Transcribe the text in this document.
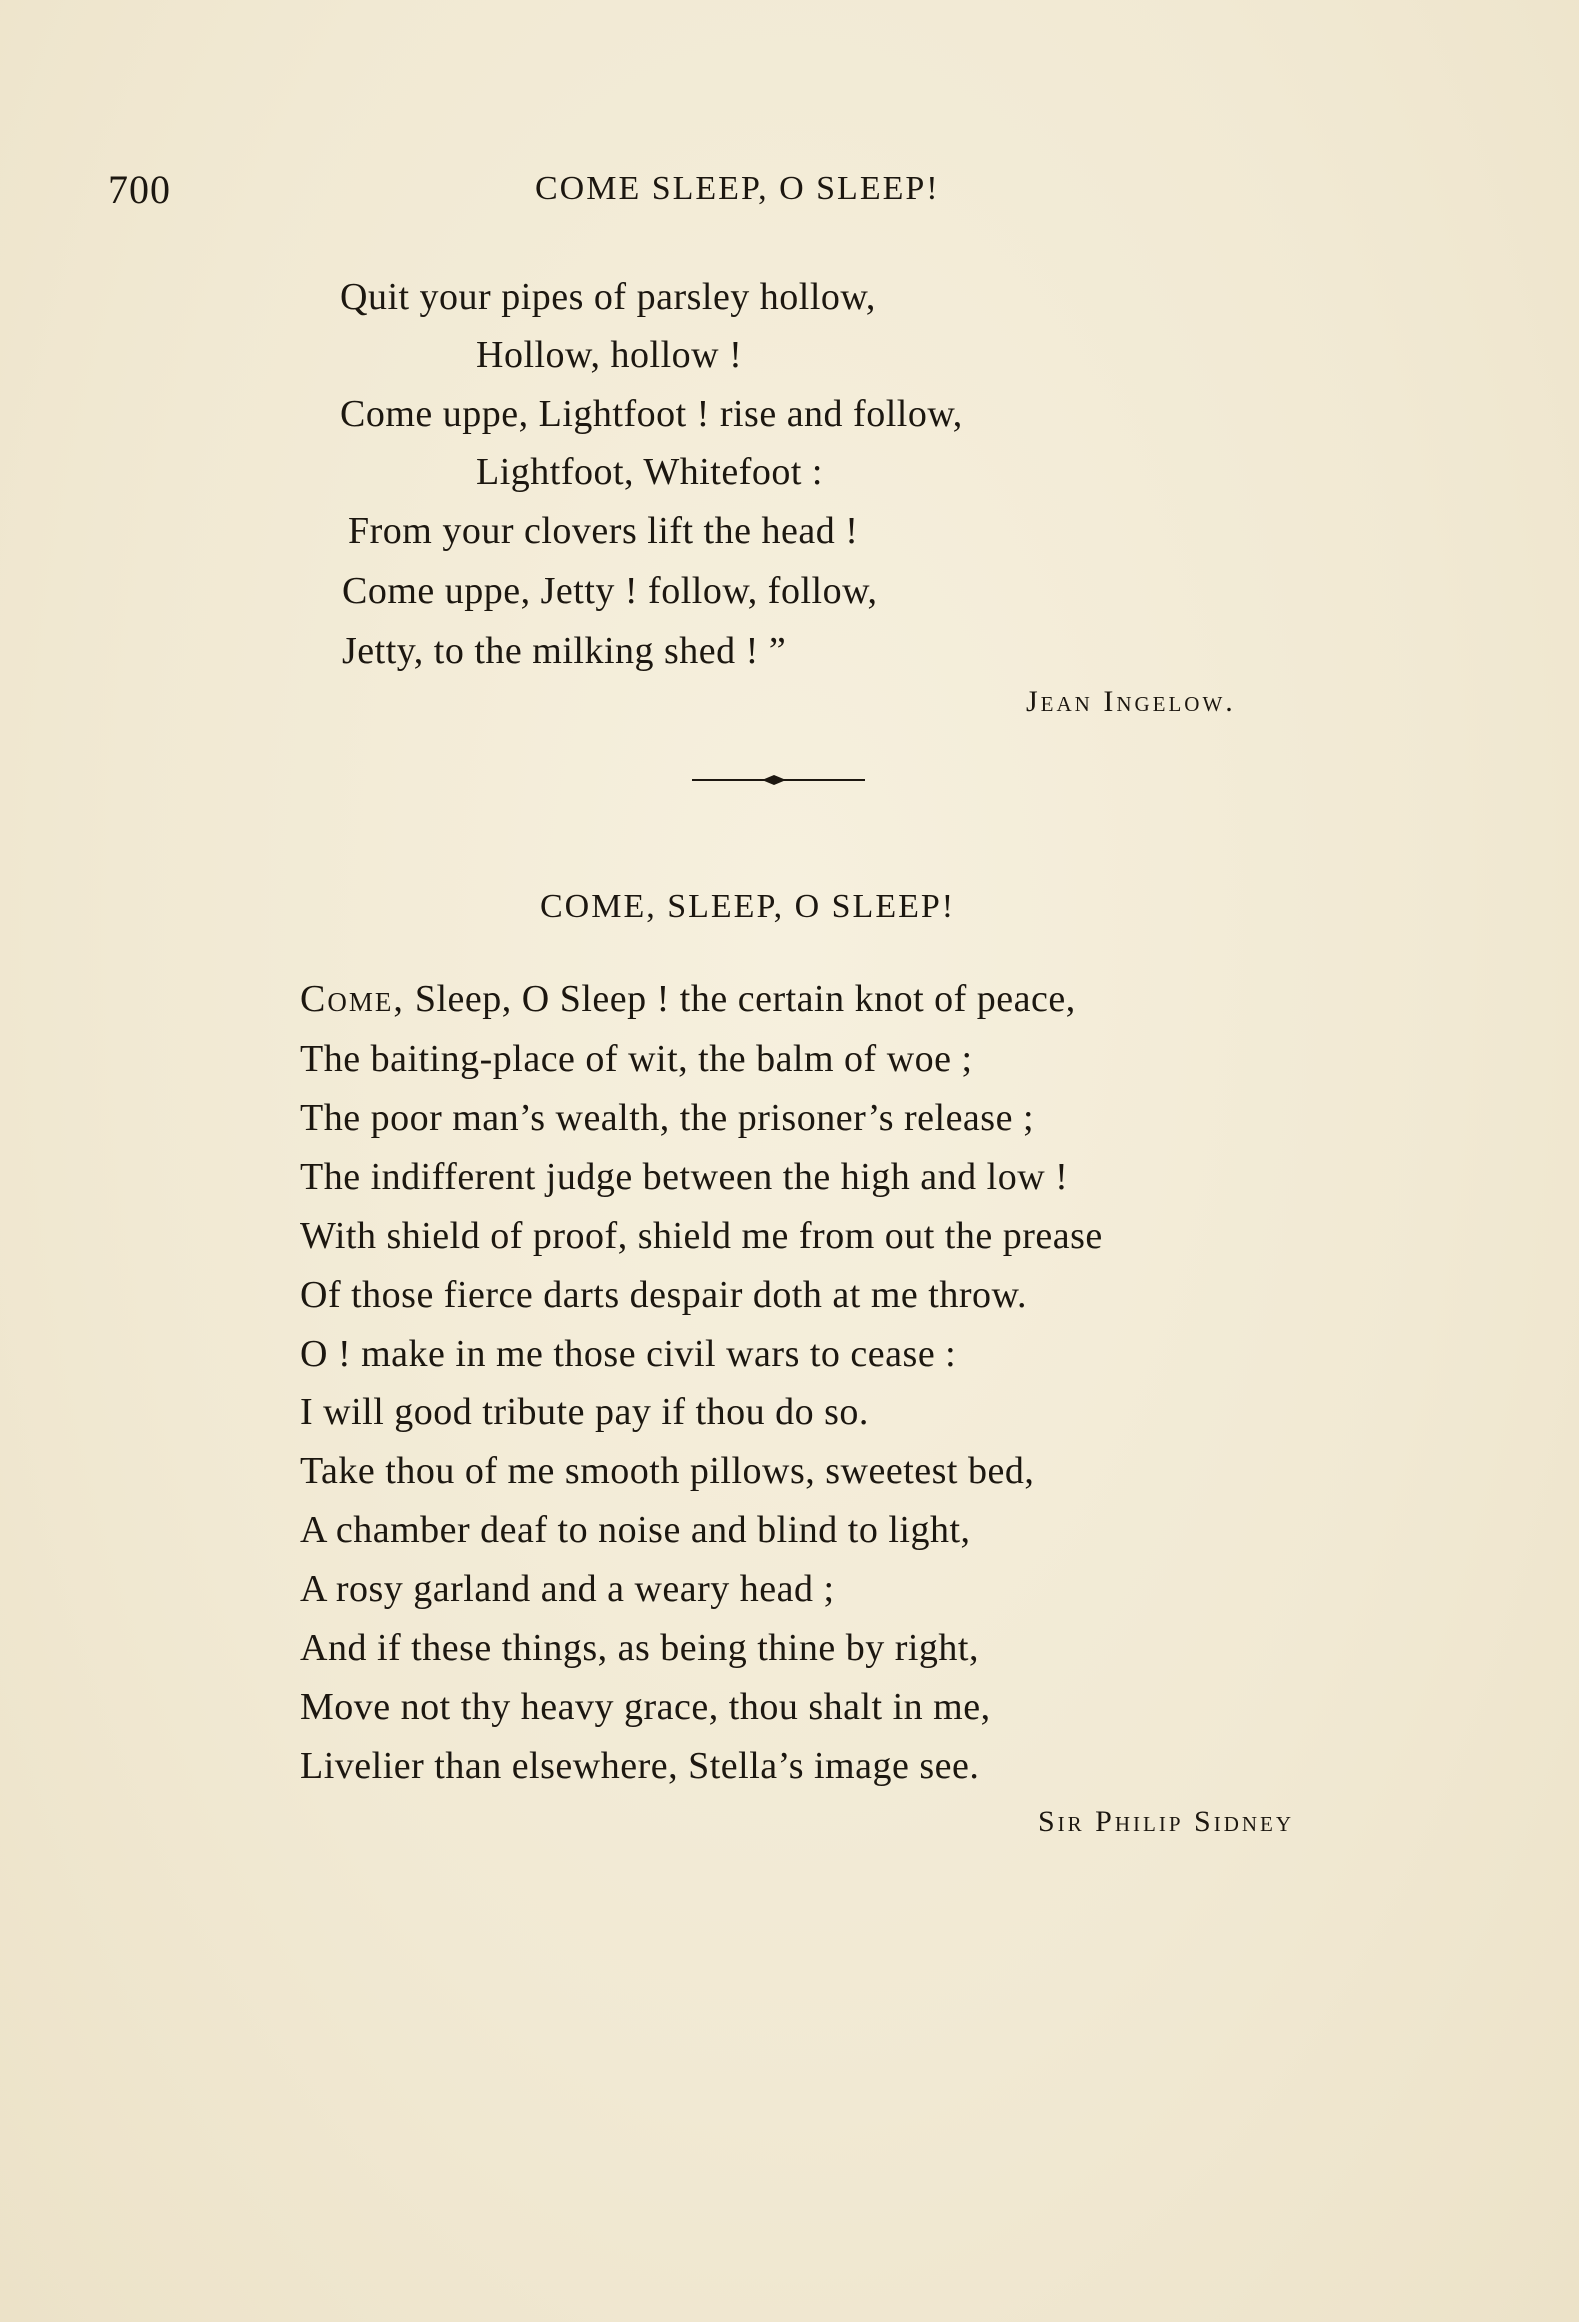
700	COME SLEEP, O SLEEP!
Quit your pipes of parsley hollow,
Hollow, hollow !
Come uppe, Lightfoot ! rise and follow,
Lightfoot, Whitefoot :
From your clovers lift the head !
Come uppe, Jetty ! follow, follow,
Jetty, to the milking shed ! ”
Jean Ingelow.
COME, SLEEP, O SLEEP!
Come, Sleep, O Sleep ! the certain knot of peace,
The baiting-place of wit, the balm of woe ;
The poor man’s wealth, the prisoner’s release ;
The indifferent judge between the high and low !
With shield of proof, shield me from out the prease
Of those fierce darts despair doth at me throw.
O ! make in me those civil wars to cease :
I will good tribute pay if thou do so.
Take thou of me smooth pillows, sweetest bed,
A chamber deaf to noise and blind to light,
A rosy garland and a weary head ;
And if these things, as being thine by right,
Move not thy heavy grace, thou shalt in me,
Livelier than elsewhere, Stella’s image see.
Sir Philip Sidney
